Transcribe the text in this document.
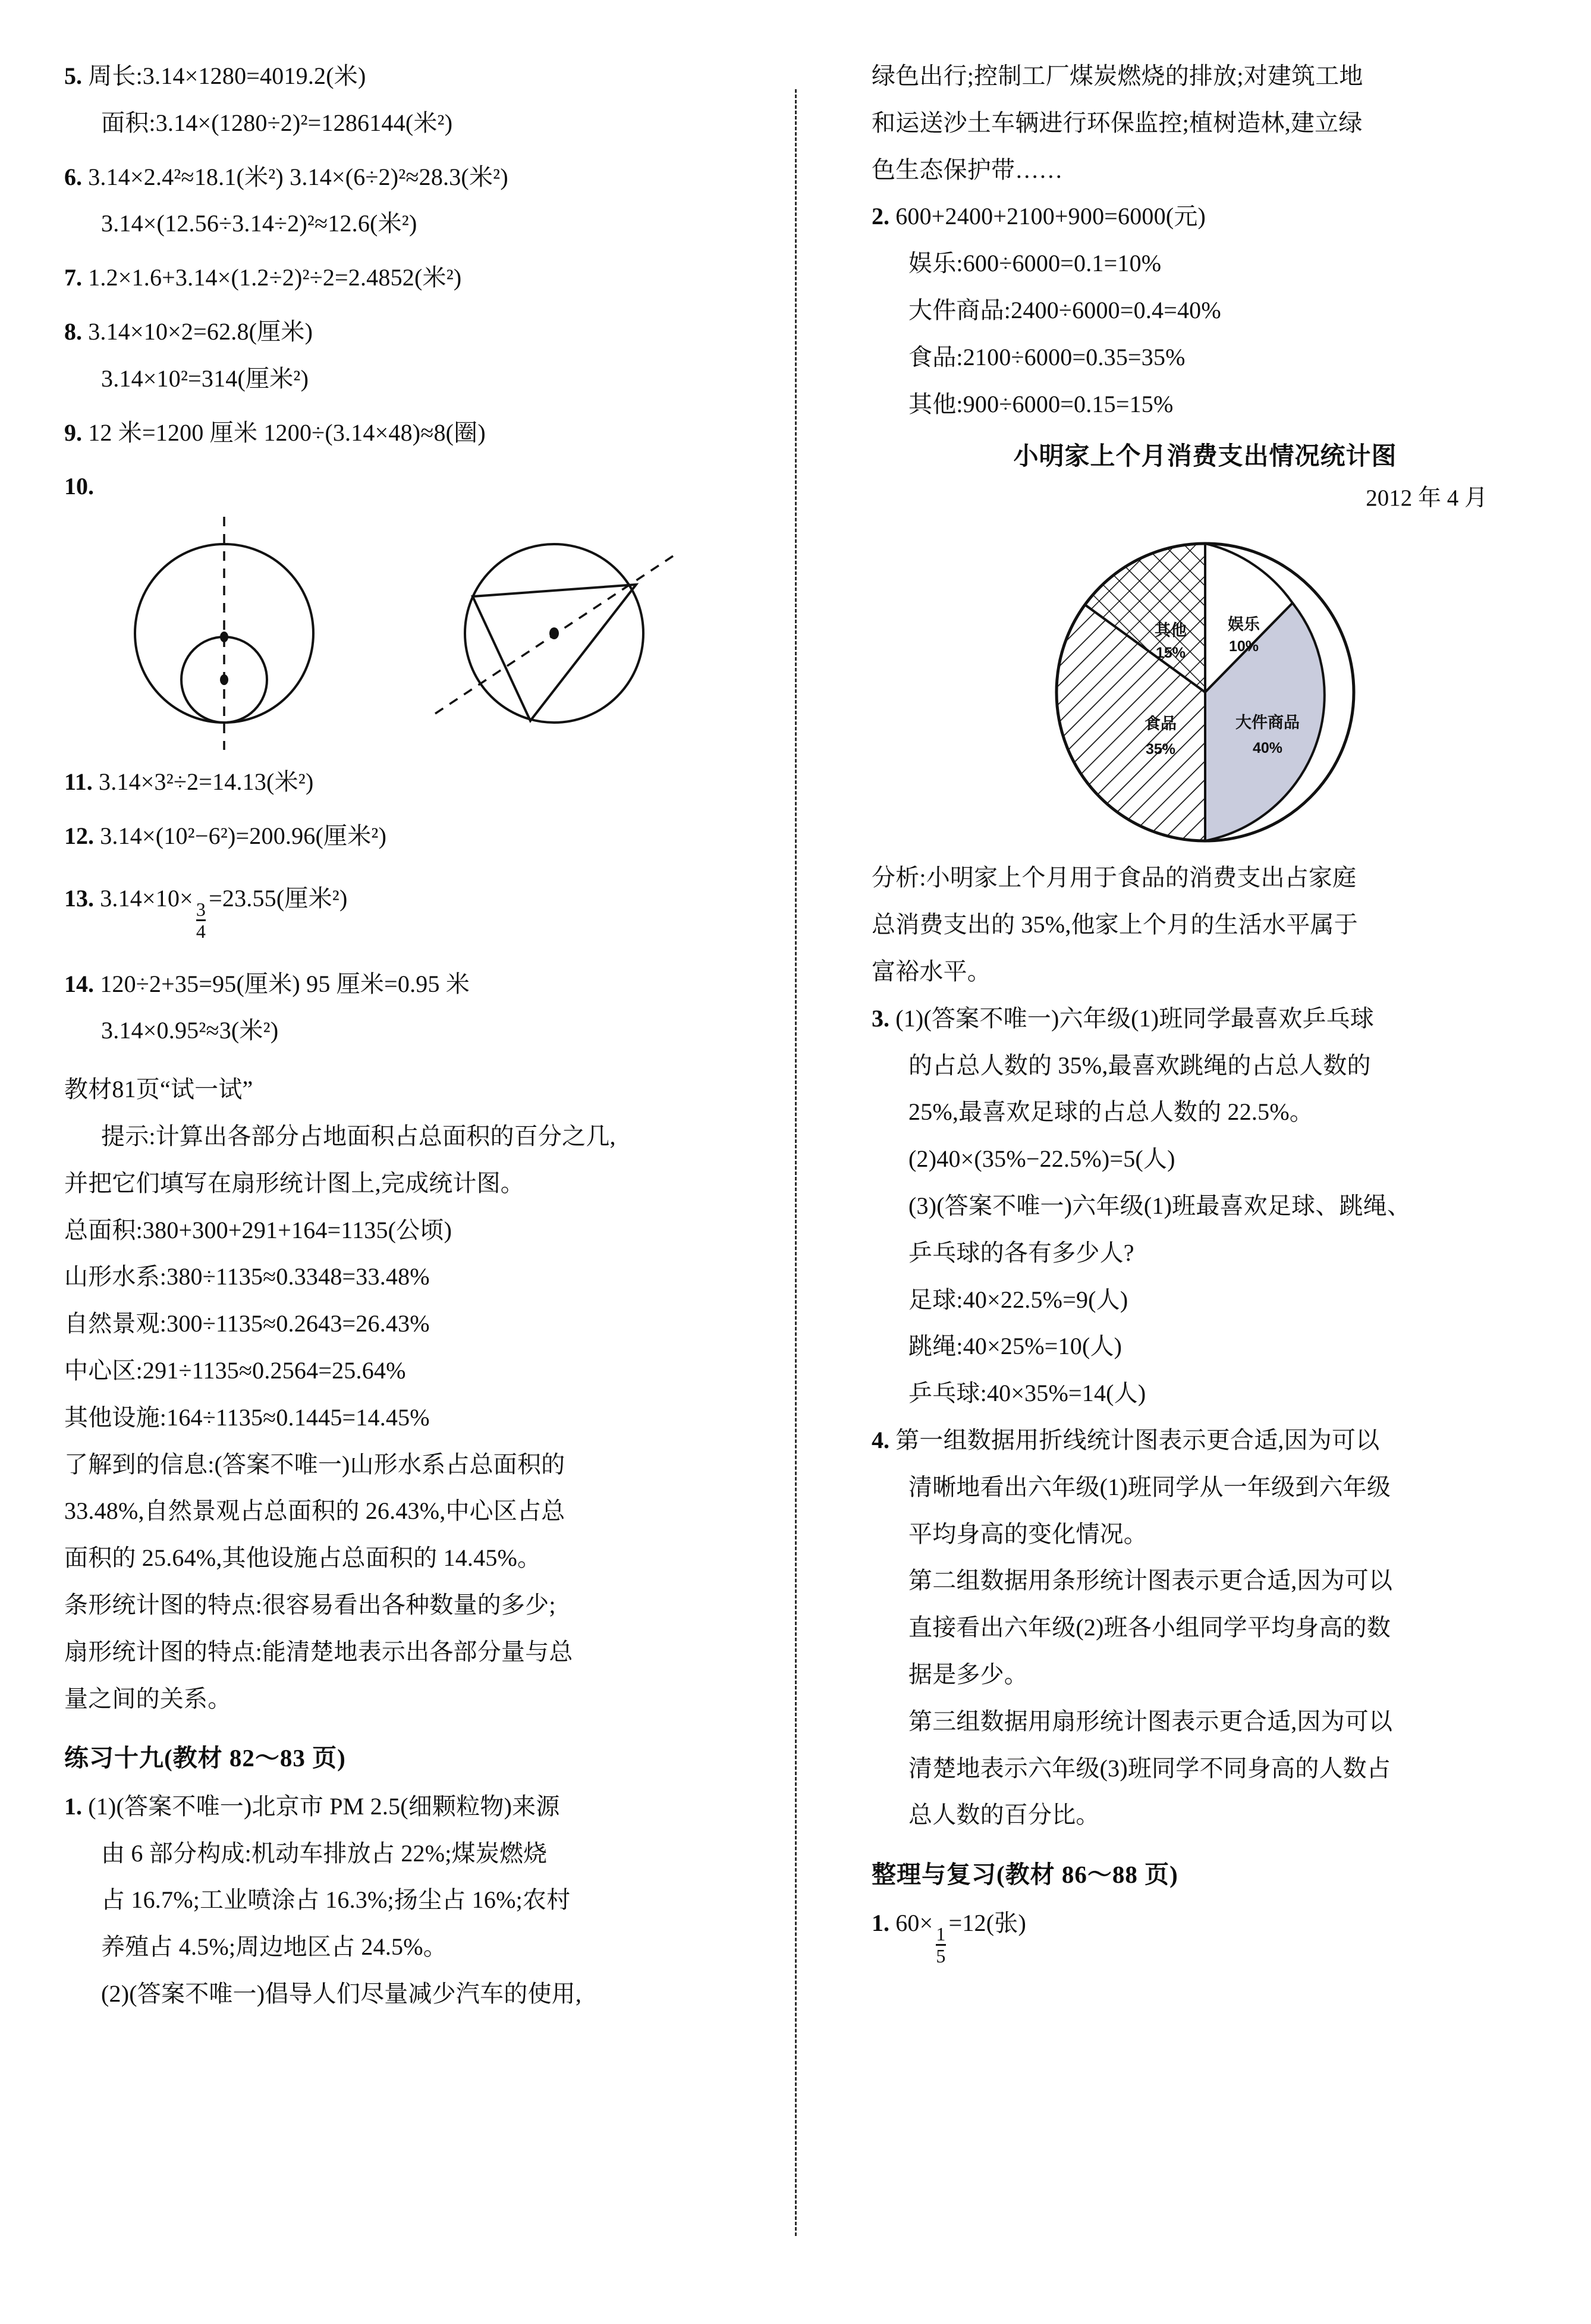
5. 周长:3.14×1280=4019.2(米)
面积:3.14×(1280÷2)²=1286144(米²)
6. 3.14×2.4²≈18.1(米²) 3.14×(6÷2)²≈28.3(米²)
3.14×(12.56÷3.14÷2)²≈12.6(米²)
7. 1.2×1.6+3.14×(1.2÷2)²÷2=2.4852(米²)
8. 3.14×10×2=62.8(厘米)
3.14×10²=314(厘米²)
9. 12 米=1200 厘米 1200÷(3.14×48)≈8(圈)
10.
11. 3.14×3²÷2=14.13(米²)
12. 3.14×(10²−6²)=200.96(厘米²)
13. 3.14×10×
$\frac{3}{4}$
=23.55(厘米²)
14. 120÷2+35=95(厘米) 95 厘米=0.95 米
3.14×0.95²≈3(米²)
教材81页“试一试”
提示:计算出各部分占地面积占总面积的百分之几,
并把它们填写在扇形统计图上,完成统计图。
总面积:380+300+291+164=1135(公顷)
山形水系:380÷1135≈0.3348=33.48%
自然景观:300÷1135≈0.2643=26.43%
中心区:291÷1135≈0.2564=25.64%
其他设施:164÷1135≈0.1445=14.45%
了解到的信息:(答案不唯一)山形水系占总面积的
33.48%,自然景观占总面积的 26.43%,中心区占总
面积的 25.64%,其他设施占总面积的 14.45%。
条形统计图的特点:很容易看出各种数量的多少;
扇形统计图的特点:能清楚地表示出各部分量与总
量之间的关系。
练习十九(教材 82～83 页)
1. (1)(答案不唯一)北京市 PM 2.5(细颗粒物)来源
由 6 部分构成:机动车排放占 22%;煤炭燃烧
占 16.7%;工业喷涂占 16.3%;扬尘占 16%;农村
养殖占 4.5%;周边地区占 24.5%。
(2)(答案不唯一)倡导人们尽量减少汽车的使用,
绿色出行;控制工厂煤炭燃烧的排放;对建筑工地
和运送沙土车辆进行环保监控;植树造林,建立绿
色生态保护带……
2. 600+2400+2100+900=6000(元)
娱乐:600÷6000=0.1=10%
大件商品:2400÷6000=0.4=40%
食品:2100÷6000=0.35=35%
其他:900÷6000=0.15=15%
小明家上个月消费支出情况统计图
2012 年 4 月
娱乐
10%
大件商品
40%
食品
35%
其他
15%
分析:小明家上个月用于食品的消费支出占家庭
总消费支出的 35%,他家上个月的生活水平属于
富裕水平。
3. (1)(答案不唯一)六年级(1)班同学最喜欢乒乓球
的占总人数的 35%,最喜欢跳绳的占总人数的
25%,最喜欢足球的占总人数的 22.5%。
(2)40×(35%−22.5%)=5(人)
(3)(答案不唯一)六年级(1)班最喜欢足球、跳绳、
乒乓球的各有多少人?
足球:40×22.5%=9(人)
跳绳:40×25%=10(人)
乒乓球:40×35%=14(人)
4. 第一组数据用折线统计图表示更合适,因为可以
清晰地看出六年级(1)班同学从一年级到六年级
平均身高的变化情况。
第二组数据用条形统计图表示更合适,因为可以
直接看出六年级(2)班各小组同学平均身高的数
据是多少。
第三组数据用扇形统计图表示更合适,因为可以
清楚地表示六年级(3)班同学不同身高的人数占
总人数的百分比。
整理与复习(教材 86～88 页)
1. 60×
$\frac{1}{5}$
=12(张)
